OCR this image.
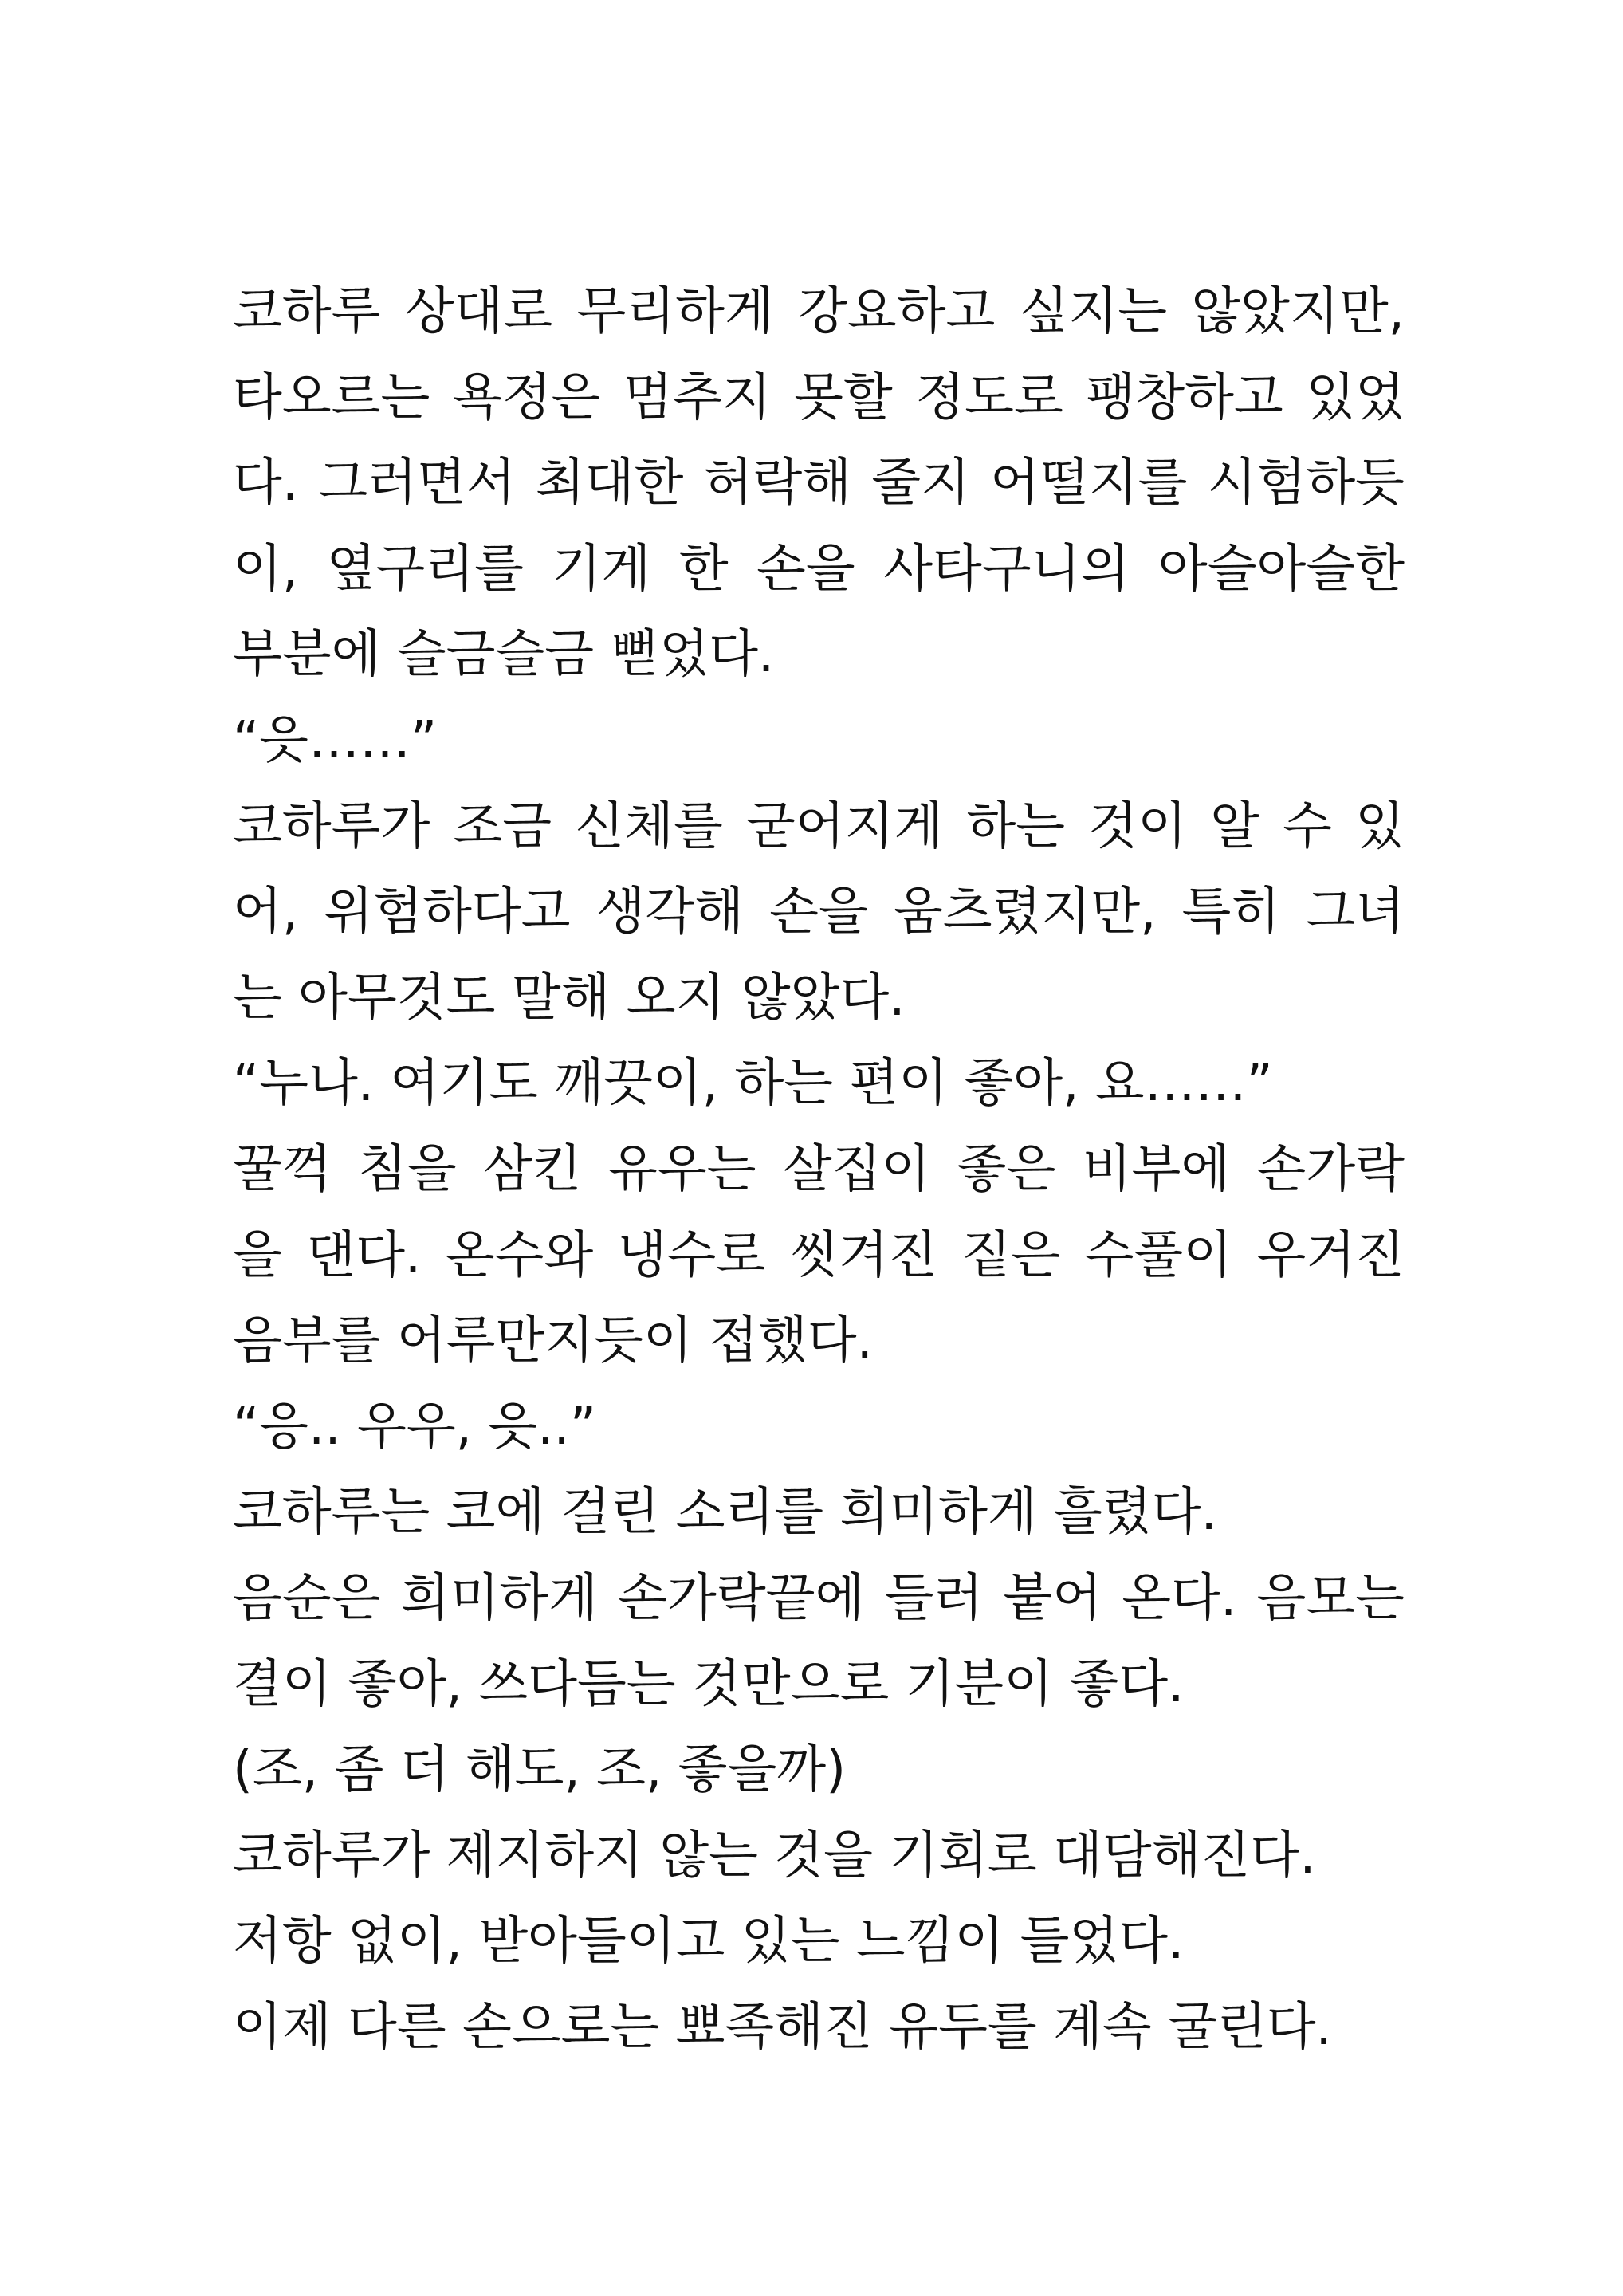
코하루 상대로 무리하게 강요하고 싶지는 않았지만,
타오르는 욕정은 멈추지 못할 정도로 팽창하고 있었
다. 그러면서 최대한 허락해 줄지 어떨지를 시험하듯
이, 옆구리를 기게 한 손을 사타구니의 아슬아슬한
부분에 슬금슬금 뻗었다.
“읏……”
코하루가 조금 신체를 굳어지게 하는 것이 알 수 있
어, 위험하다고 생각해 손을 움츠렸지만, 특히 그녀
는 아무것도 말해 오지 않았다.
“누나. 여기도 깨끗이, 하는 편이 좋아, 요……”
꿀꺽 침을 삼킨 유우는 살집이 좋은 비부에 손가락
을 댄다. 온수와 냉수로 씻겨진 짙은 수풀이 우거진
음부를 어루만지듯이 접했다.
“응.. 우우, 읏..”
코하루는 코에 걸린 소리를 희미하게 흘렸다.
음순은 희미하게 손가락끝에 들러 붙어 온다. 음모는
결이 좋아, 쓰다듬는 것만으로 기분이 좋다.
(조, 좀 더 해도, 조, 좋을까)
코하루가 제지하지 않는 것을 기회로 대담해진다.
저항 없이, 받아들이고 있는 느낌이 들었다.
이제 다른 손으로는 뾰족해진 유두를 계속 굴린다.
